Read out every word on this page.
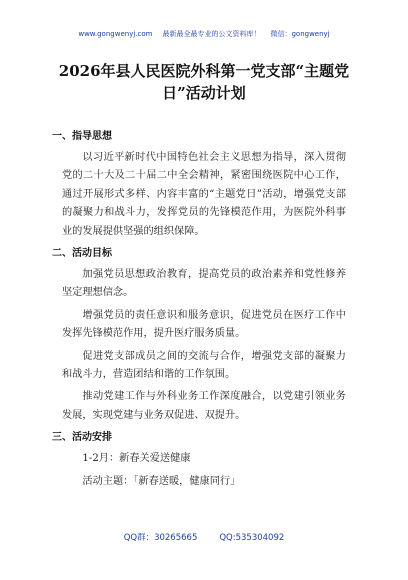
www.gongwenyj.com 最新最全最专业的公文资料库！ 微信：gongwenyj
2026年县人民医院外科第一党支部“主题党日”活动计划
一、指导思想
以习近平新时代中国特色社会主义思想为指导，深入贯彻党的二十大及二十届二中全会精神，紧密围绕医院中心工作，通过开展形式多样、内容丰富的“主题党日”活动，增强党支部的凝聚力和战斗力，发挥党员的先锋模范作用，为医院外科事业的发展提供坚强的组织保障。
二、活动目标
加强党员思想政治教育，提高党员的政治素养和党性修养坚定理想信念。
增强党员的责任意识和服务意识，促进党员在医疗工作中发挥先锋模范作用，提升医疗服务质量。
促进党支部成员之间的交流与合作，增强党支部的凝聚力和战斗力，营造团结和谐的工作氛围。
推动党建工作与外科业务工作深度融合，以党建引领业务发展，实现党建与业务双促进、双提升。
三、活动安排
1-2月：新春关爱送健康
活动主题：「新春送暖，健康同行」
QQ群：30265665	QQ:535304092
